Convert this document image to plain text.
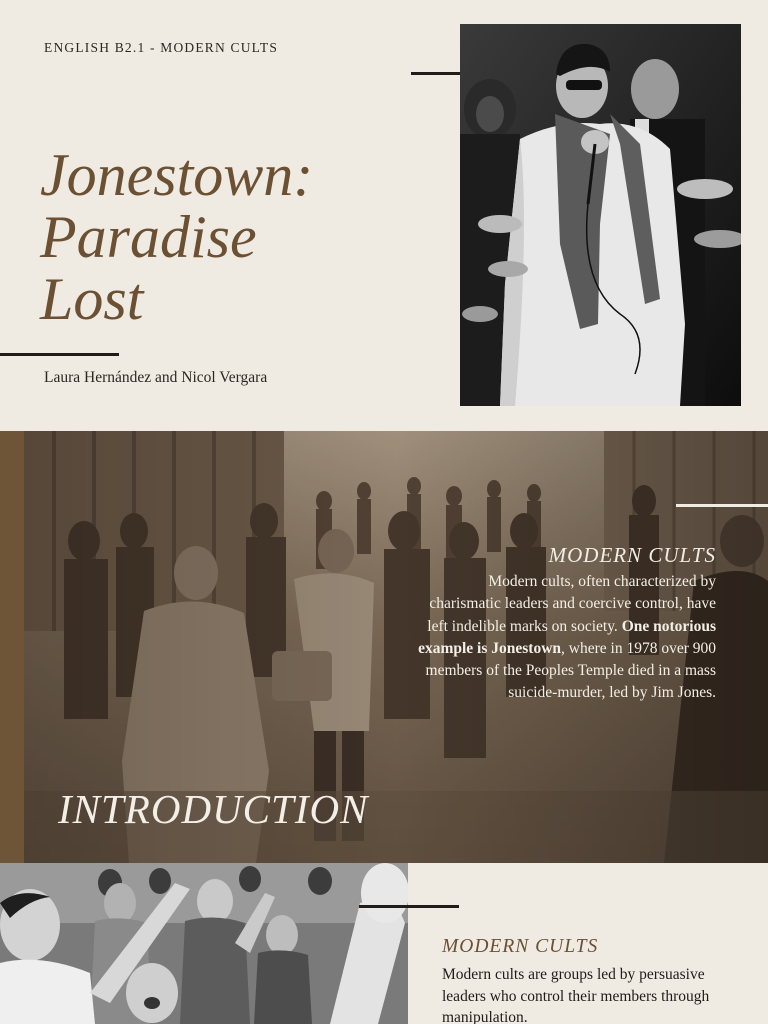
ENGLISH B2.1 - MODERN CULTS
Jonestown:
Paradise
Lost
Laura Hernández and Nicol Vergara
MODERN CULTS
Modern cults, often characterized by charismatic leaders and coercive control, have left indelible marks on society. One notorious example is Jonestown, where in 1978 over 900 members of the Peoples Temple died in a mass suicide-murder, led by Jim Jones.
INTRODUCTION
MODERN CULTS
Modern cults are groups led by persuasive leaders who control their members through manipulation.
